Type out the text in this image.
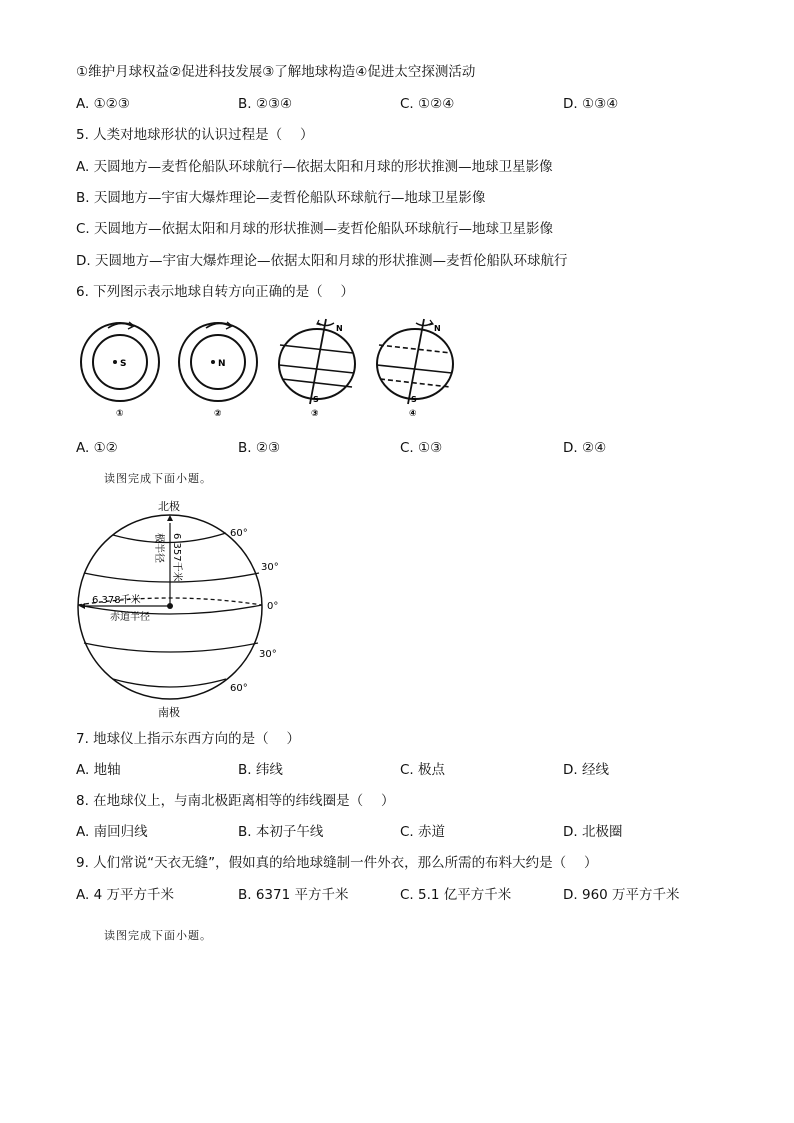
①维护月球权益②促进科技发展③了解地球构造④促进太空探测活动
A. ①②③	B. ②③④	C. ①②④	D. ①③④
5. 人类对地球形状的认识过程是（　 ）
A. 天圆地方—麦哲伦船队环球航行—依据太阳和月球的形状推测—地球卫星影像
B. 天圆地方—宇宙大爆炸理论—麦哲伦船队环球航行—地球卫星影像
C. 天圆地方—依据太阳和月球的形状推测—麦哲伦船队环球航行—地球卫星影像
D. 天圆地方—宇宙大爆炸理论—依据太阳和月球的形状推测—麦哲伦船队环球航行
6. 下列图示表示地球自转方向正确的是（　 ）
S
①
N
②
N
S
③
N
S
④
A. ①②	B. ②③	C. ①③	D. ②④
读图完成下面小题。
北极
极半径 6 357千米
6 378千米
赤道半径
60°
30°
0°
30°
60°
南极
7. 地球仪上指示东西方向的是（　 ）
A. 地轴	B. 纬线	C. 极点	D. 经线
8. 在地球仪上，与南北极距离相等的纬线圈是（　 ）
A. 南回归线	B. 本初子午线	C. 赤道	D. 北极圈
9. 人们常说“天衣无缝”，假如真的给地球缝制一件外衣，那么所需的布料大约是（　 ）
A. 4 万平方千米	B. 6371 平方千米	C. 5.1 亿平方千米	D. 960 万平方千米
读图完成下面小题。
